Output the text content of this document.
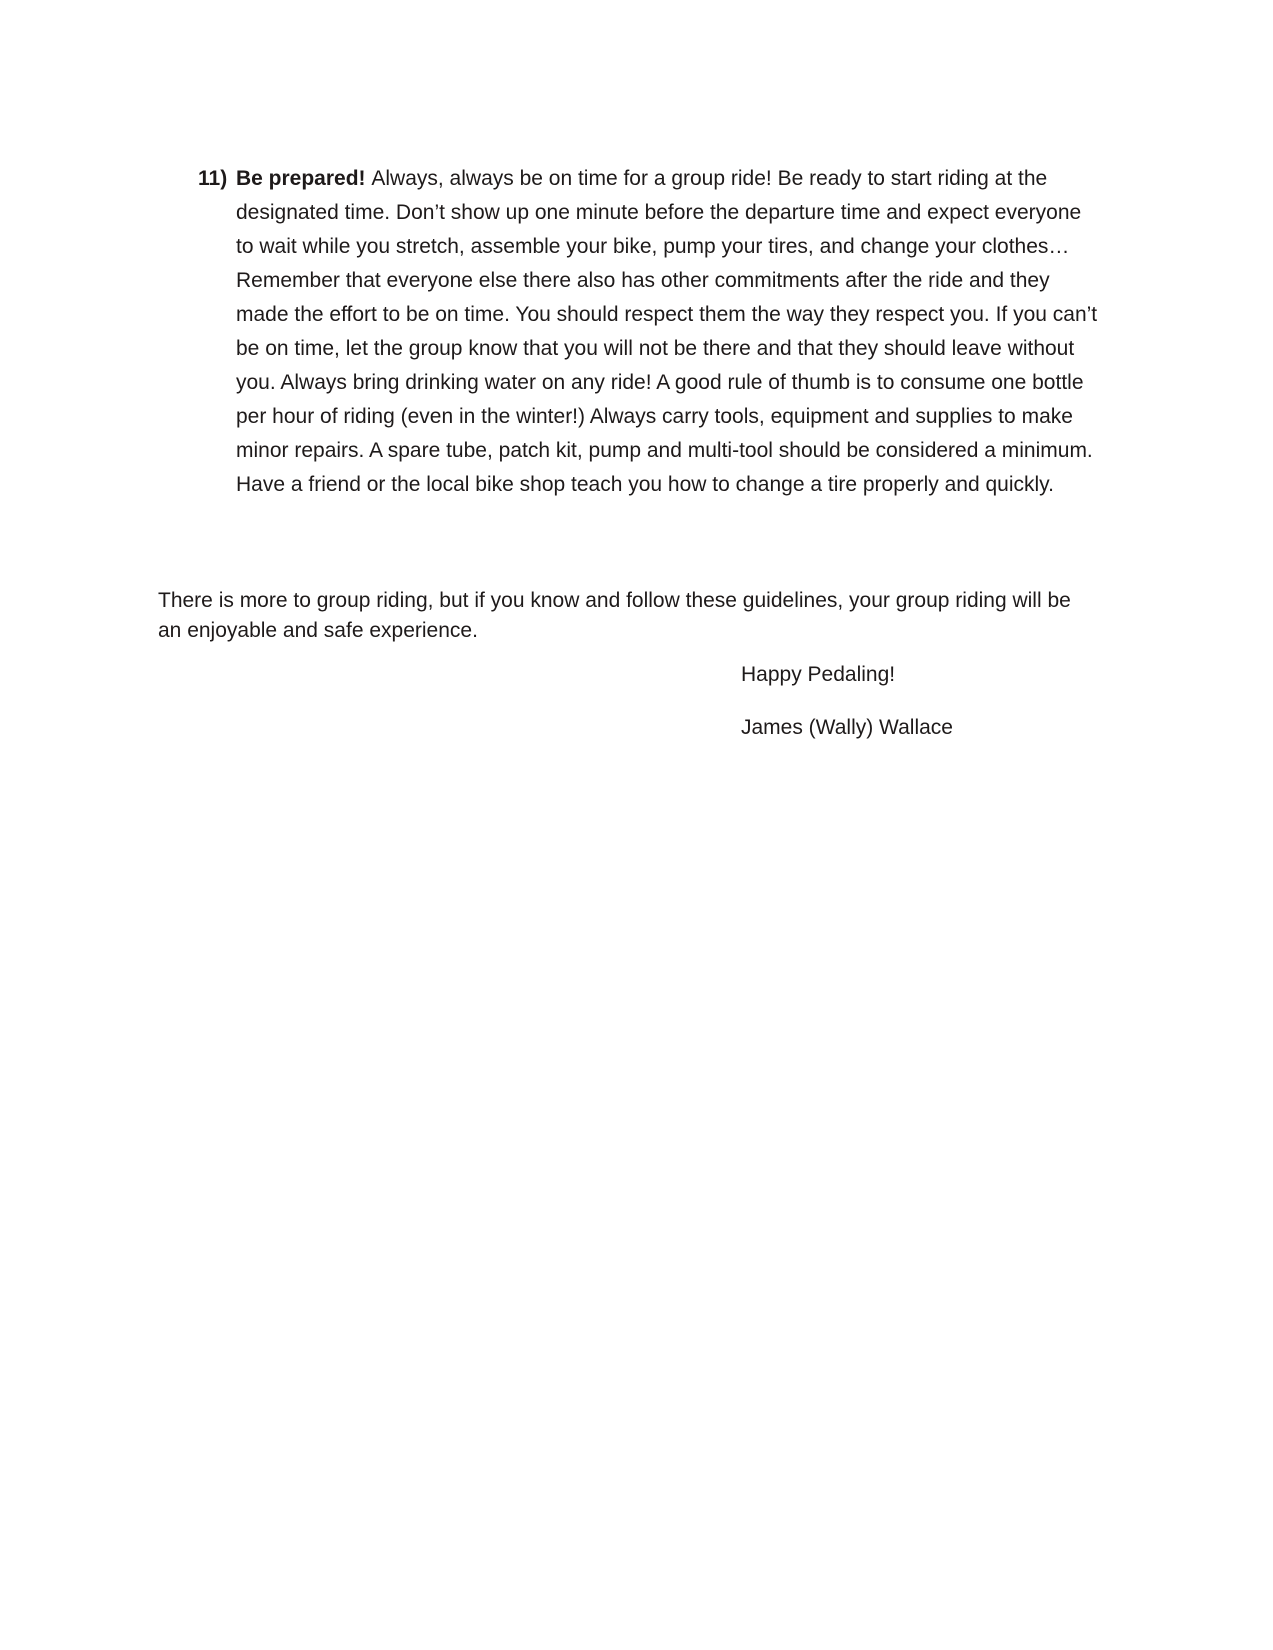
11) Be prepared! Always, always be on time for a group ride! Be ready to start riding at the designated time. Don’t show up one minute before the departure time and expect everyone to wait while you stretch, assemble your bike, pump your tires, and change your clothes… Remember that everyone else there also has other commitments after the ride and they made the effort to be on time. You should respect them the way they respect you. If you can’t be on time, let the group know that you will not be there and that they should leave without you. Always bring drinking water on any ride! A good rule of thumb is to consume one bottle per hour of riding (even in the winter!) Always carry tools, equipment and supplies to make minor repairs. A spare tube, patch kit, pump and multi-tool should be considered a minimum. Have a friend or the local bike shop teach you how to change a tire properly and quickly.

There is more to group riding, but if you know and follow these guidelines, your group riding will be an enjoyable and safe experience.

Happy Pedaling!
James (Wally) Wallace
